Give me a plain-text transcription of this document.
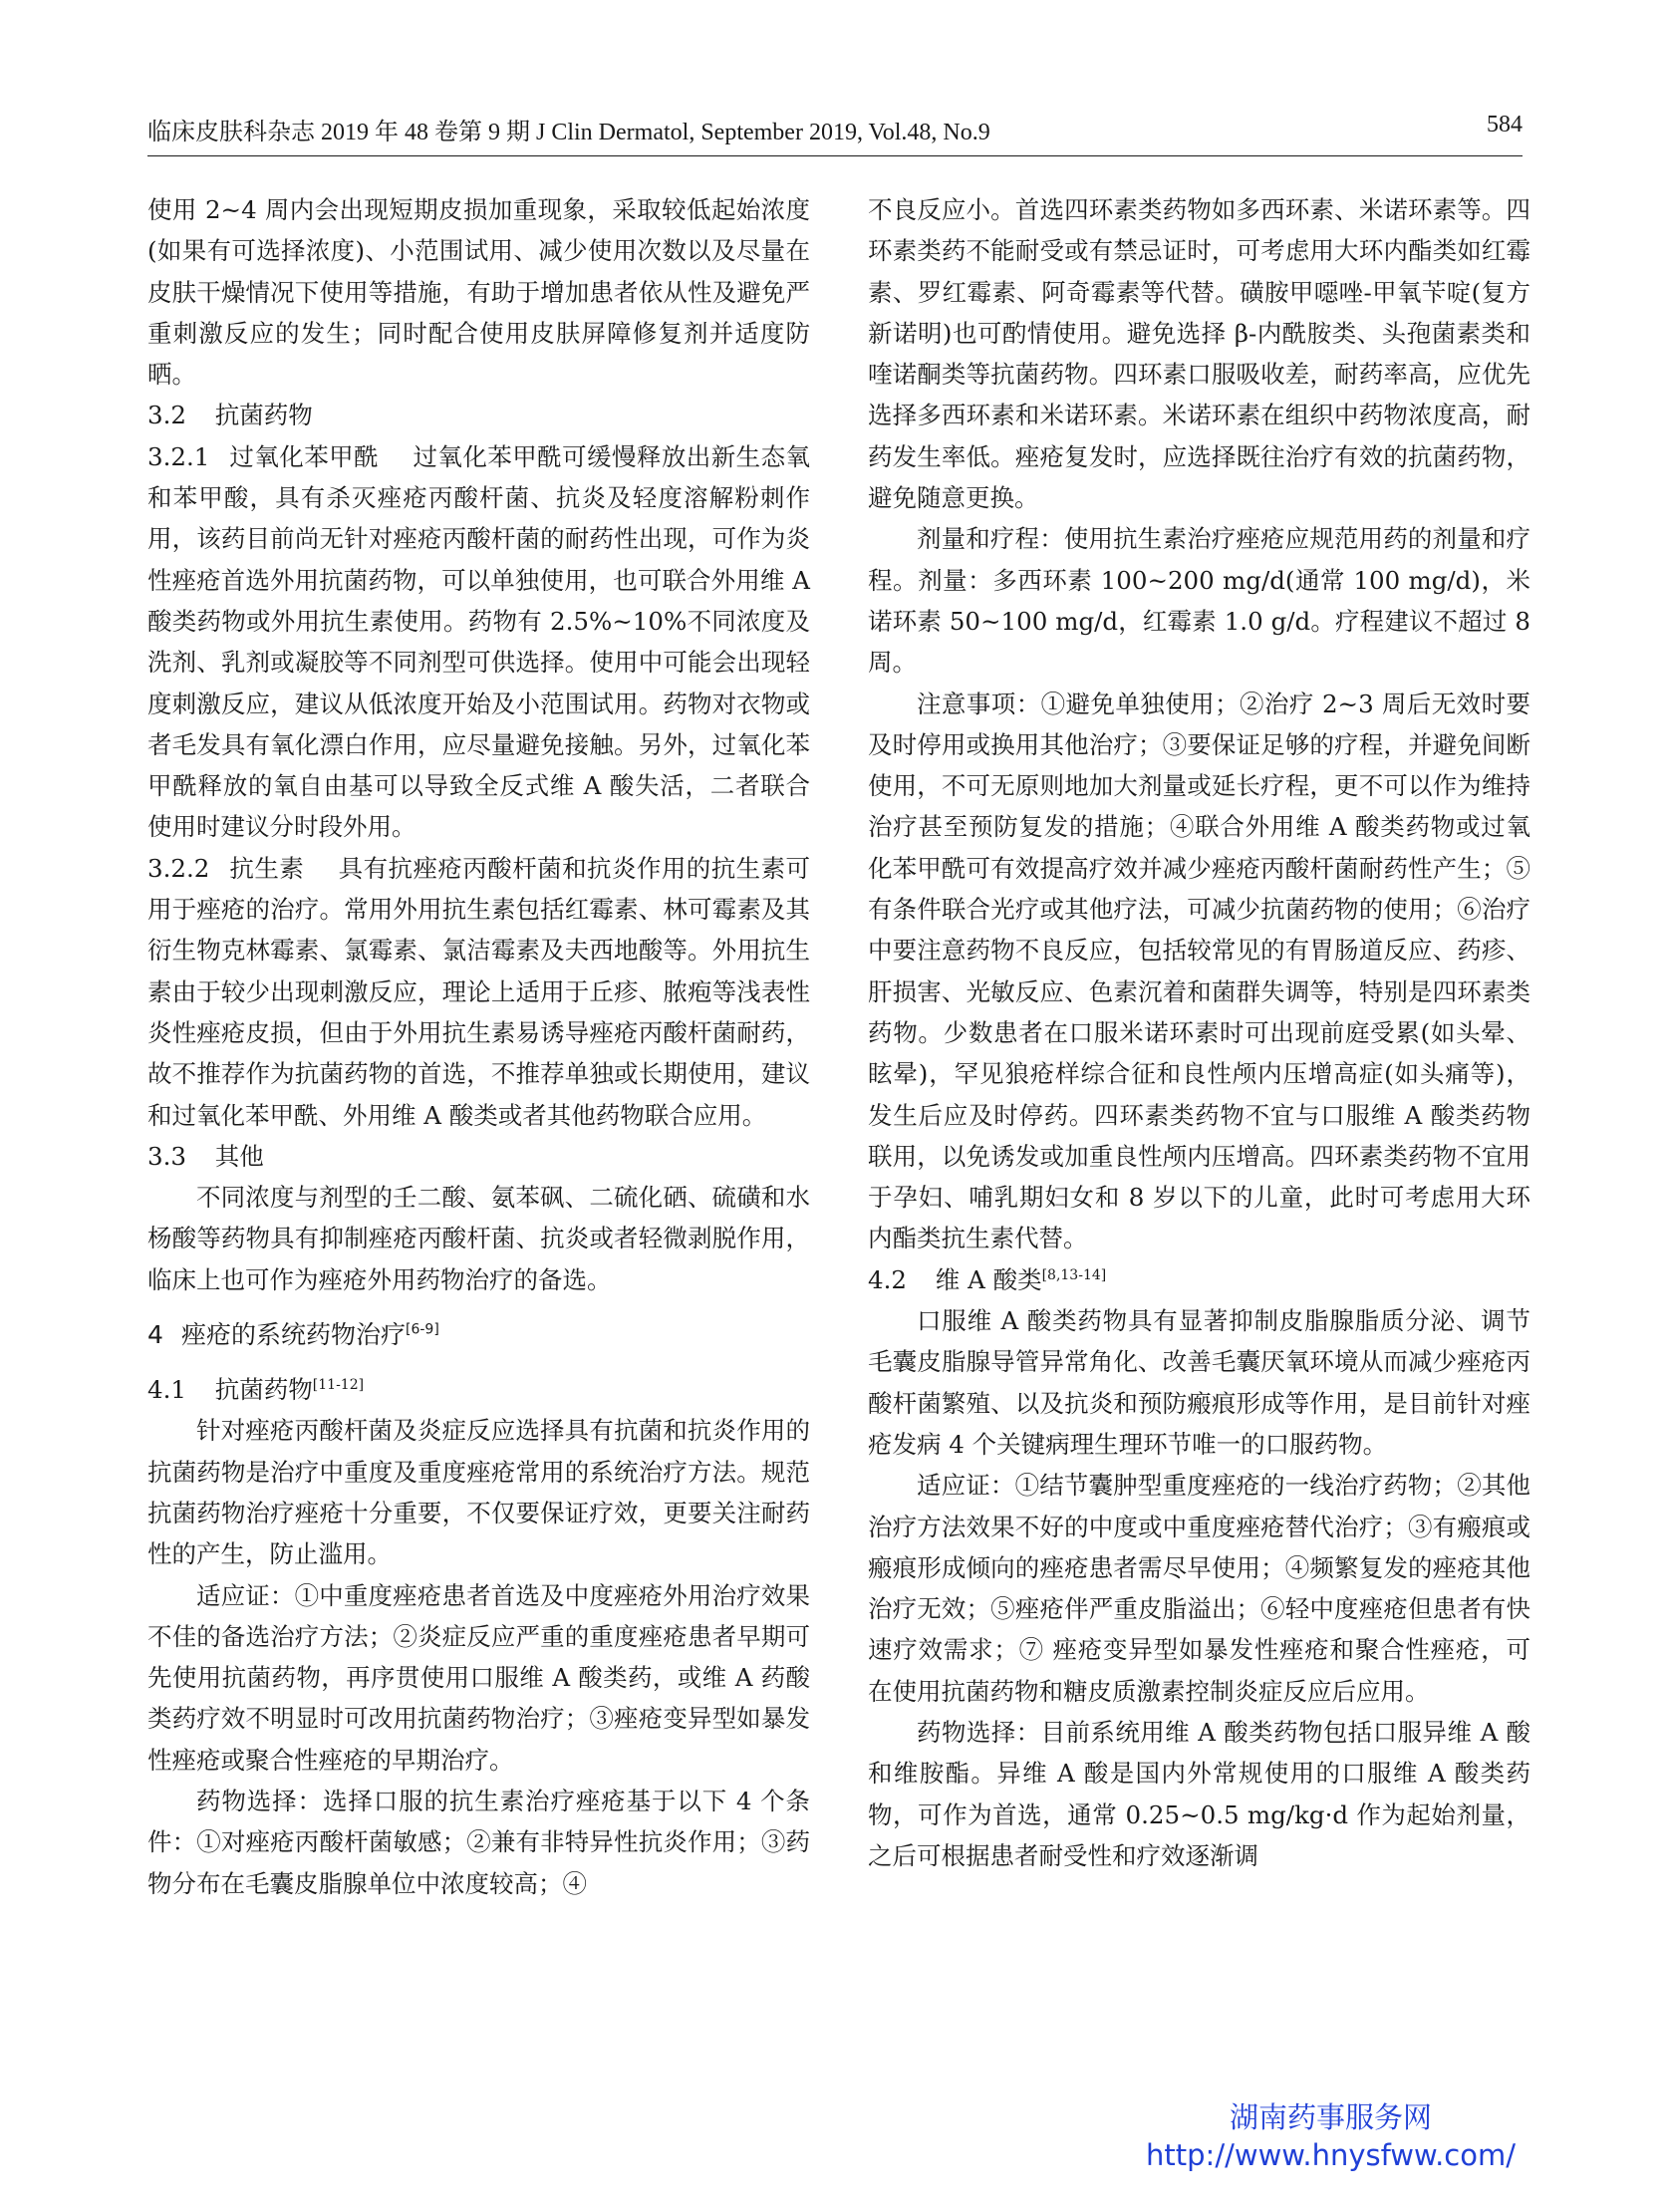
临床皮肤科杂志 2019 年 48 卷第 9 期 J Clin Dermatol, September 2019, Vol.48, No.9	584

使用 2~4 周内会出现短期皮损加重现象，采取较低起始浓度(如果有可选择浓度)、小范围试用、减少使用次数以及尽量在皮肤干燥情况下使用等措施，有助于增加患者依从性及避免严重刺激反应的发生；同时配合使用皮肤屏障修复剂并适度防晒。

3.2 抗菌药物

3.2.1 过氧化苯甲酰 过氧化苯甲酰可缓慢释放出新生态氧和苯甲酸，具有杀灭痤疮丙酸杆菌、抗炎及轻度溶解粉刺作用，该药目前尚无针对痤疮丙酸杆菌的耐药性出现，可作为炎性痤疮首选外用抗菌药物，可以单独使用，也可联合外用维 A 酸类药物或外用抗生素使用。药物有 2.5%~10%不同浓度及洗剂、乳剂或凝胶等不同剂型可供选择。使用中可能会出现轻度刺激反应，建议从低浓度开始及小范围试用。药物对衣物或者毛发具有氧化漂白作用，应尽量避免接触。另外，过氧化苯甲酰释放的氧自由基可以导致全反式维 A 酸失活，二者联合使用时建议分时段外用。

3.2.2 抗生素 具有抗痤疮丙酸杆菌和抗炎作用的抗生素可用于痤疮的治疗。常用外用抗生素包括红霉素、林可霉素及其衍生物克林霉素、氯霉素、氯洁霉素及夫西地酸等。外用抗生素由于较少出现刺激反应，理论上适用于丘疹、脓疱等浅表性炎性痤疮皮损，但由于外用抗生素易诱导痤疮丙酸杆菌耐药，故不推荐作为抗菌药物的首选，不推荐单独或长期使用，建议和过氧化苯甲酰、外用维 A 酸类或者其他药物联合应用。

3.3 其他

不同浓度与剂型的壬二酸、氨苯砜、二硫化硒、硫磺和水杨酸等药物具有抑制痤疮丙酸杆菌、抗炎或者轻微剥脱作用，临床上也可作为痤疮外用药物治疗的备选。

4 痤疮的系统药物治疗[6-9]

4.1 抗菌药物[11-12]

针对痤疮丙酸杆菌及炎症反应选择具有抗菌和抗炎作用的抗菌药物是治疗中重度及重度痤疮常用的系统治疗方法。规范抗菌药物治疗痤疮十分重要，不仅要保证疗效，更要关注耐药性的产生，防止滥用。

适应证：①中重度痤疮患者首选及中度痤疮外用治疗效果不佳的备选治疗方法；②炎症反应严重的重度痤疮患者早期可先使用抗菌药物，再序贯使用口服维 A 酸类药，或维 A 药酸类药疗效不明显时可改用抗菌药物治疗；③痤疮变异型如暴发性痤疮或聚合性痤疮的早期治疗。

药物选择：选择口服的抗生素治疗痤疮基于以下 4 个条件：①对痤疮丙酸杆菌敏感；②兼有非特异性抗炎作用；③药物分布在毛囊皮脂腺单位中浓度较高；④

不良反应小。首选四环素类药物如多西环素、米诺环素等。四环素类药不能耐受或有禁忌证时，可考虑用大环内酯类如红霉素、罗红霉素、阿奇霉素等代替。磺胺甲噁唑-甲氧苄啶(复方新诺明)也可酌情使用。避免选择 β-内酰胺类、头孢菌素类和喹诺酮类等抗菌药物。四环素口服吸收差，耐药率高，应优先选择多西环素和米诺环素。米诺环素在组织中药物浓度高，耐药发生率低。痤疮复发时，应选择既往治疗有效的抗菌药物，避免随意更换。

剂量和疗程：使用抗生素治疗痤疮应规范用药的剂量和疗程。剂量：多西环素 100~200 mg/d(通常 100 mg/d)，米诺环素 50~100 mg/d，红霉素 1.0 g/d。疗程建议不超过 8 周。

注意事项：①避免单独使用；②治疗 2~3 周后无效时要及时停用或换用其他治疗；③要保证足够的疗程，并避免间断使用，不可无原则地加大剂量或延长疗程，更不可以作为维持治疗甚至预防复发的措施；④联合外用维 A 酸类药物或过氧化苯甲酰可有效提高疗效并减少痤疮丙酸杆菌耐药性产生；⑤有条件联合光疗或其他疗法，可减少抗菌药物的使用；⑥治疗中要注意药物不良反应，包括较常见的有胃肠道反应、药疹、肝损害、光敏反应、色素沉着和菌群失调等，特别是四环素类药物。少数患者在口服米诺环素时可出现前庭受累(如头晕、眩晕)，罕见狼疮样综合征和良性颅内压增高症(如头痛等)，发生后应及时停药。四环素类药物不宜与口服维 A 酸类药物联用，以免诱发或加重良性颅内压增高。四环素类药物不宜用于孕妇、哺乳期妇女和 8 岁以下的儿童，此时可考虑用大环内酯类抗生素代替。

4.2 维 A 酸类[8,13-14]

口服维 A 酸类药物具有显著抑制皮脂腺脂质分泌、调节毛囊皮脂腺导管异常角化、改善毛囊厌氧环境从而减少痤疮丙酸杆菌繁殖、以及抗炎和预防瘢痕形成等作用，是目前针对痤疮发病 4 个关键病理生理环节唯一的口服药物。

适应证：①结节囊肿型重度痤疮的一线治疗药物；②其他治疗方法效果不好的中度或中重度痤疮替代治疗；③有瘢痕或瘢痕形成倾向的痤疮患者需尽早使用；④频繁复发的痤疮其他治疗无效；⑤痤疮伴严重皮脂溢出；⑥轻中度痤疮但患者有快速疗效需求；⑦ 痤疮变异型如暴发性痤疮和聚合性痤疮，可在使用抗菌药物和糖皮质激素控制炎症反应后应用。

药物选择：目前系统用维 A 酸类药物包括口服异维 A 酸和维胺酯。异维 A 酸是国内外常规使用的口服维 A 酸类药物，可作为首选，通常 0.25~0.5 mg/kg·d 作为起始剂量，之后可根据患者耐受性和疗效逐渐调

湖南药事服务网
http://www.hnysfww.com/
